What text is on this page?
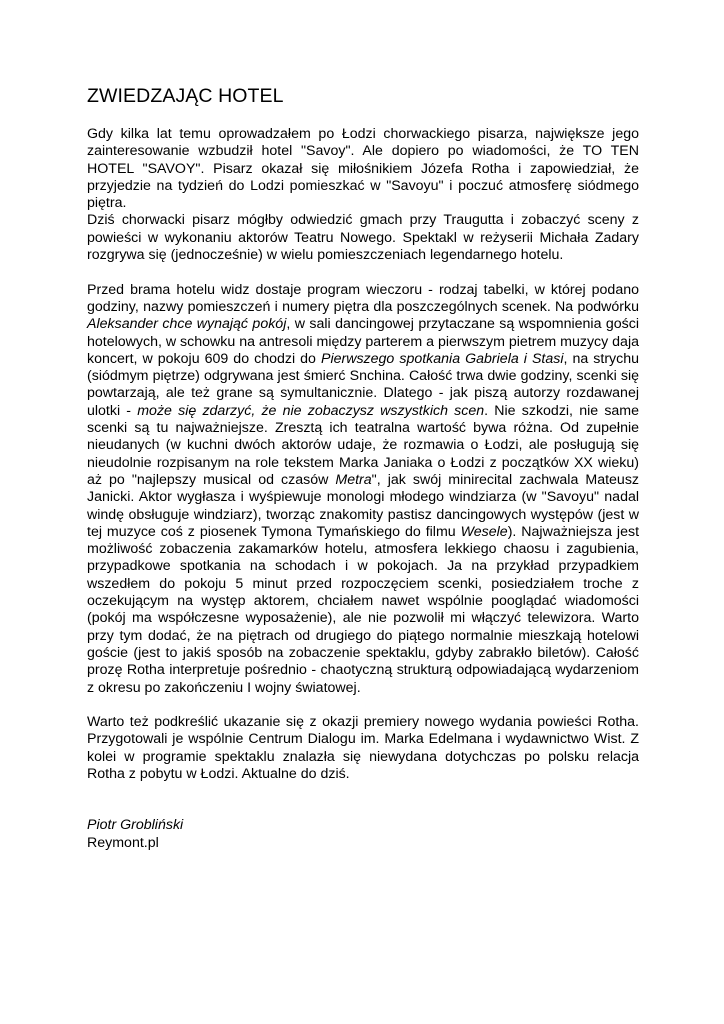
ZWIEDZAJĄC HOTEL

Gdy kilka lat temu oprowadzałem po Łodzi chorwackiego pisarza, największe jego zainteresowanie wzbudził hotel "Savoy". Ale dopiero po wiadomości, że TO TEN HOTEL "SAVOY". Pisarz okazał się miłośnikiem Józefa Rotha i zapowiedział, że przyjedzie na tydzień do Lodzi pomieszkać w "Savoyu" i poczuć atmosferę siódmego piętra.

Dziś chorwacki pisarz mógłby odwiedzić gmach przy Traugutta i zobaczyć sceny z powieści w wykonaniu aktorów Teatru Nowego. Spektakl w reżyserii Michała Zadary rozgrywa się (jednocześnie) w wielu pomieszczeniach legendarnego hotelu.

Przed brama hotelu widz dostaje program wieczoru - rodzaj tabelki, w której podano godziny, nazwy pomieszczeń i numery piętra dla poszczególnych scenek. Na podwórku Aleksander chce wynająć pokój, w sali dancingowej przytaczane są wspomnienia gości hotelowych, w schowku na antresoli między parterem a pierwszym pietrem muzycy daja koncert, w pokoju 609 do chodzi do Pierwszego spotkania Gabriela i Stasi, na strychu (siódmym piętrze) odgrywana jest śmierć Snchina. Całość trwa dwie godziny, scenki się powtarzają, ale też grane są symultanicznie. Dlatego - jak piszą autorzy rozdawanej ulotki - może się zdarzyć, że nie zobaczysz wszystkich scen. Nie szkodzi, nie same scenki są tu najważniejsze. Zresztą ich teatralna wartość bywa różna. Od zupełnie nieudanych (w kuchni dwóch aktorów udaje, że rozmawia o Łodzi, ale posługują się nieudolnie rozpisanym na role tekstem Marka Janiaka o Łodzi z początków XX wieku) aż po "najlepszy musical od czasów Metra", jak swój minirecital zachwala Mateusz Janicki. Aktor wygłasza i wyśpiewuje monologi młodego windziarza (w "Savoyu" nadal windę obsługuje windziarz), tworząc znakomity pastisz dancingowych występów (jest w tej muzyce coś z piosenek Tymona Tymańskiego do filmu Wesele). Najważniejsza jest możliwość zobaczenia zakamarków hotelu, atmosfera lekkiego chaosu i zagubienia, przypadkowe spotkania na schodach i w pokojach. Ja na przykład przypadkiem wszedłem do pokoju 5 minut przed rozpoczęciem scenki, posiedziałem troche z oczekującym na występ aktorem, chciałem nawet wspólnie pooglądać wiadomości (pokój ma współczesne wyposażenie), ale nie pozwolił mi włączyć telewizora. Warto przy tym dodać, że na piętrach od drugiego do piątego normalnie mieszkają hotelowi goście (jest to jakiś sposób na zobaczenie spektaklu, gdyby zabrakło biletów). Całość prozę Rotha interpretuje pośrednio - chaotyczną strukturą odpowiadającą wydarzeniom z okresu po zakończeniu I wojny światowej.

Warto też podkreślić ukazanie się z okazji premiery nowego wydania powieści Rotha. Przygotowali je wspólnie Centrum Dialogu im. Marka Edelmana i wydawnictwo Wist. Z kolei w programie spektaklu znalazła się niewydana dotychczas po polsku relacja Rotha z pobytu w Łodzi. Aktualne do dziś.

Piotr Grobliński

Reymont.pl
